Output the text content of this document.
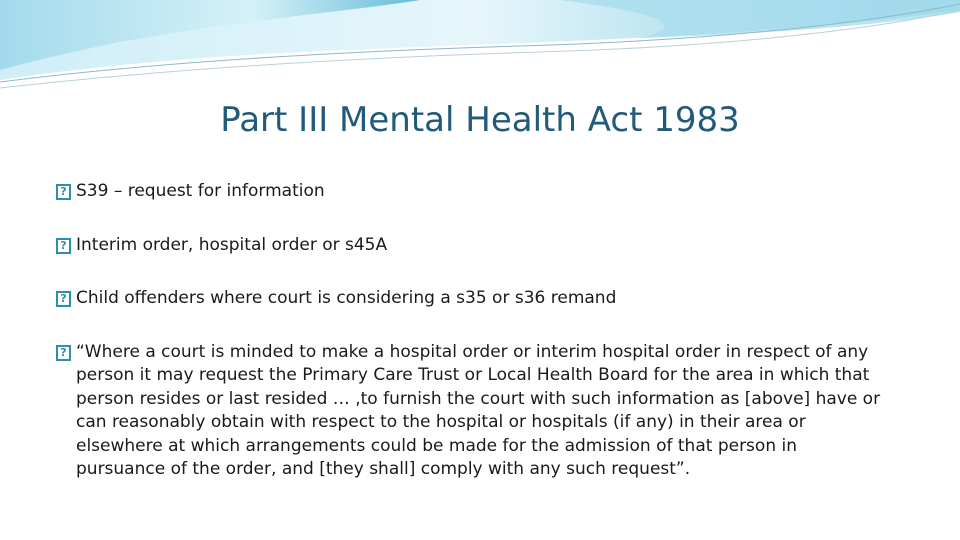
Part III Mental Health Act 1983
?
S39 – request for information
?
Interim order, hospital order or s45A
?
Child offenders where court is considering a s35 or s36 remand
?
“Where a court is minded to make a hospital order or interim hospital order in respect of any person it may request the Primary Care Trust or Local Health Board for the area in which that person resides or last resided … ,to furnish the court with such information as [above] have or can reasonably obtain with respect to the hospital or hospitals (if any) in their area or elsewhere at which arrangements could be made for the admission of that person in pursuance of the order, and [they shall] comply with any such request”.
